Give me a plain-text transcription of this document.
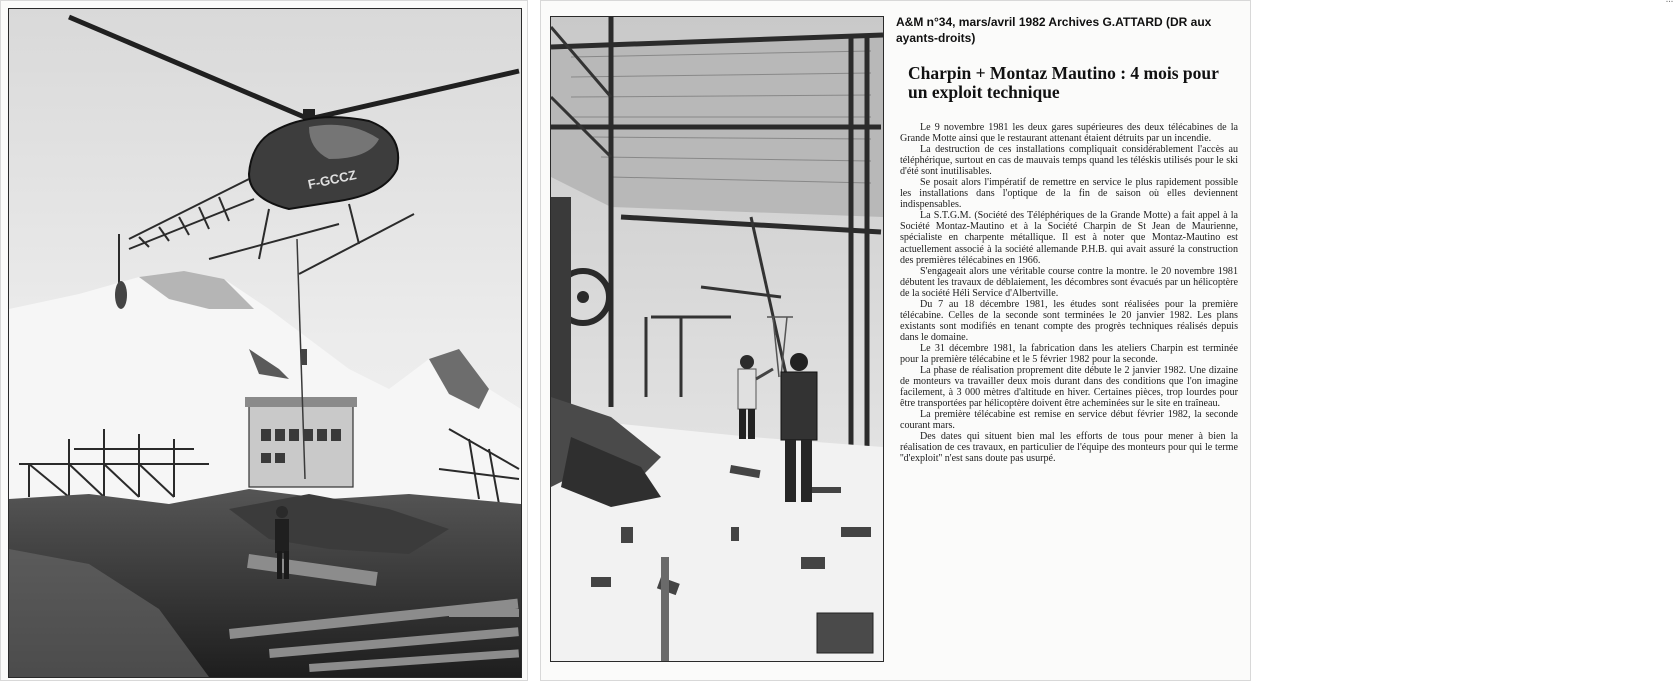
F-GCCZ
A&M n°34, mars/avril 1982 Archives G.ATTARD (DR aux ayants-droits)
Charpin + Montaz Mautino : 4 mois pour un exploit technique

Le 9 novembre 1981 les deux gares supérieures des deux télécabines de la Grande Motte ainsi que le restaurant attenant étaient détruits par un incendie.

La destruction de ces installations compliquait considérablement l'accès au téléphérique, surtout en cas de mauvais temps quand les téléskis utilisés pour le ski d'été sont inutilisables.

Se posait alors l'impératif de remettre en service le plus rapidement possible les installations dans l'optique de la fin de saison où elles deviennent indispensables.

La S.T.G.M. (Société des Téléphériques de la Grande Motte) a fait appel à la Société Montaz-Mautino et à la Société Charpin de St Jean de Maurienne, spécialiste en charpente métallique. Il est à noter que Montaz-Mautino est actuellement associé à la société allemande P.H.B. qui avait assuré la construction des premières télécabines en 1966.

S'engageait alors une véritable course contre la montre. le 20 novembre 1981 débutent les travaux de déblaiement, les décombres sont évacués par un hélicoptère de la société Héli Service d'Albertville.

Du 7 au 18 décembre 1981, les études sont réalisées pour la première télécabine. Celles de la seconde sont terminées le 20 janvier 1982. Les plans existants sont modifiés en tenant compte des progrès techniques réalisés depuis dans le domaine.

Le 31 décembre 1981, la fabrication dans les ateliers Charpin est terminée pour la première télécabine et le 5 février 1982 pour la seconde.

La phase de réalisation proprement dite débute le 2 janvier 1982. Une dizaine de monteurs va travailler deux mois durant dans des conditions que l'on imagine facilement, à 3 000 mètres d'altitude en hiver. Certaines pièces, trop lourdes pour être transportées par hélicoptère doivent être acheminées sur le site en traîneau.

La première télécabine est remise en service début février 1982, la seconde courant mars.

Des dates qui situent bien mal les efforts de tous pour mener à bien la réalisation de ces travaux, en particulier de l'équipe des monteurs pour qui le terme ''d'exploit'' n'est sans doute pas usurpé.
